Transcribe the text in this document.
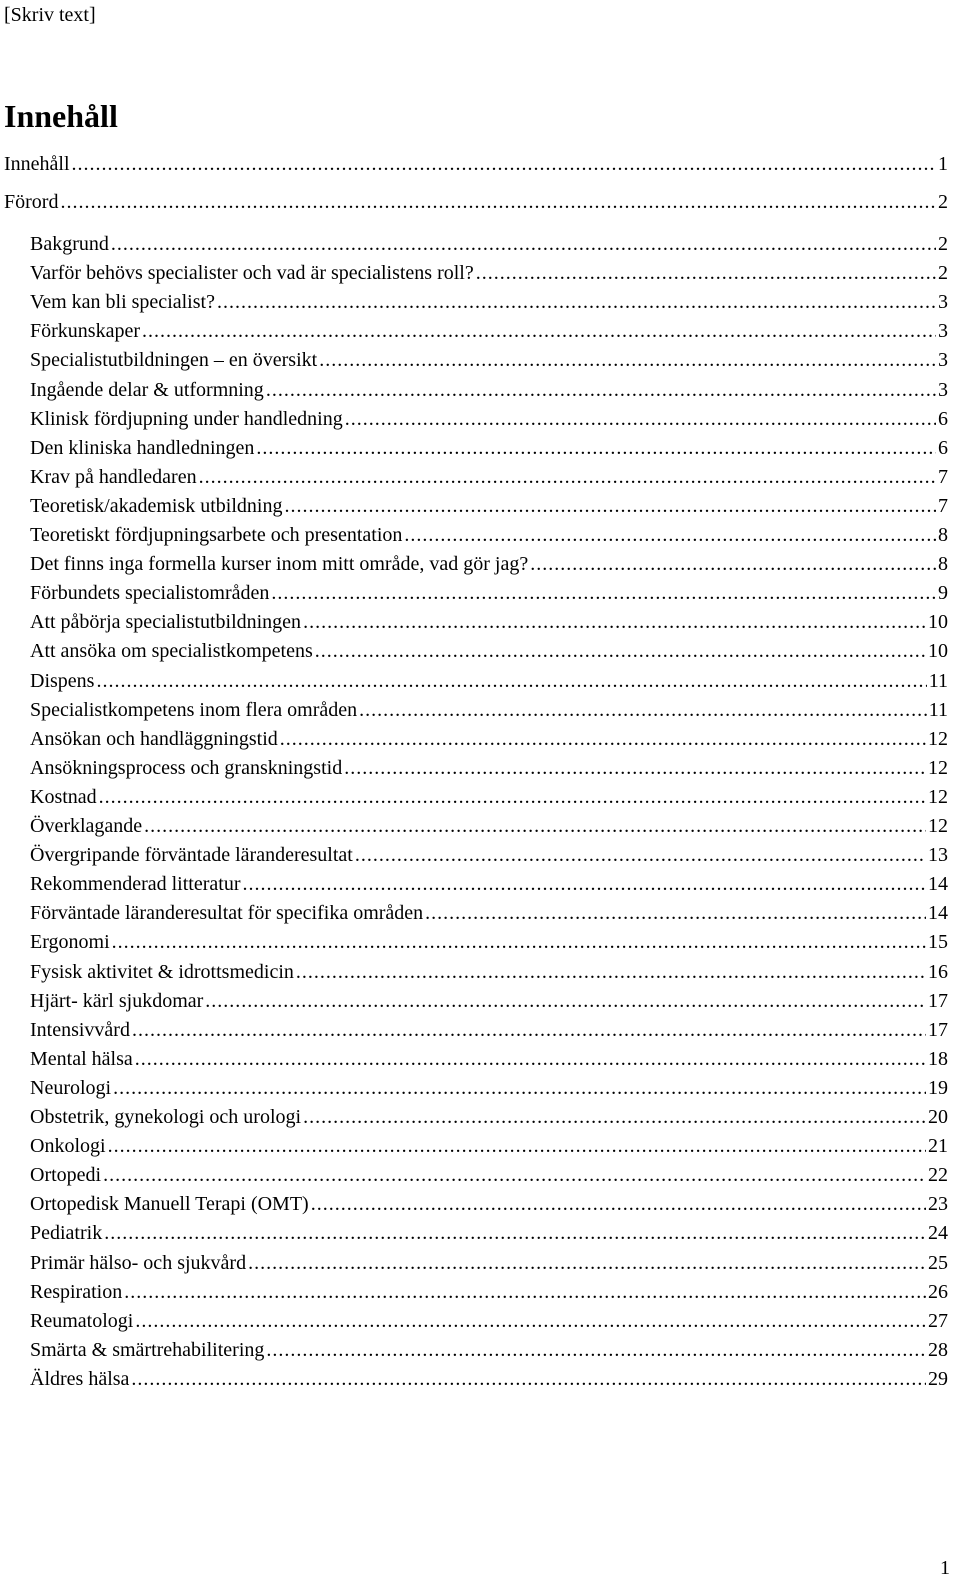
[Skriv text]
Innehåll
Innehåll .....	1
Förord .....	2
Bakgrund .....	2
Varför behövs specialister och vad är specialistens roll? .....	2
Vem kan bli specialist? .....	3
Förkunskaper .....	3
Specialistutbildningen – en översikt .....	3
Ingående delar & utformning .....	3
Klinisk fördjupning under handledning .....	6
Den kliniska handledningen .....	6
Krav på handledaren .....	7
Teoretisk/akademisk utbildning .....	7
Teoretiskt fördjupningsarbete och presentation .....	8
Det finns inga formella kurser inom mitt område, vad gör jag? .....	8
Förbundets specialistområden .....	9
Att påbörja specialistutbildningen .....	10
Att ansöka om specialistkompetens .....	10
Dispens .....	11
Specialistkompetens inom flera områden .....	11
Ansökan och handläggningstid .....	12
Ansökningsprocess och granskningstid .....	12
Kostnad .....	12
Överklagande .....	12
Övergripande förväntade läranderesultat .....	13
Rekommenderad litteratur .....	14
Förväntade läranderesultat för specifika områden .....	14
Ergonomi .....	15
Fysisk aktivitet & idrottsmedicin .....	16
Hjärt- kärl sjukdomar .....	17
Intensivvård .....	17
Mental hälsa .....	18
Neurologi .....	19
Obstetrik, gynekologi och urologi .....	20
Onkologi .....	21
Ortopedi .....	22
Ortopedisk Manuell Terapi (OMT) .....	23
Pediatrik .....	24
Primär hälso- och sjukvård .....	25
Respiration .....	26
Reumatologi .....	27
Smärta & smärtrehabilitering .....	28
Äldres hälsa .....	29
1
